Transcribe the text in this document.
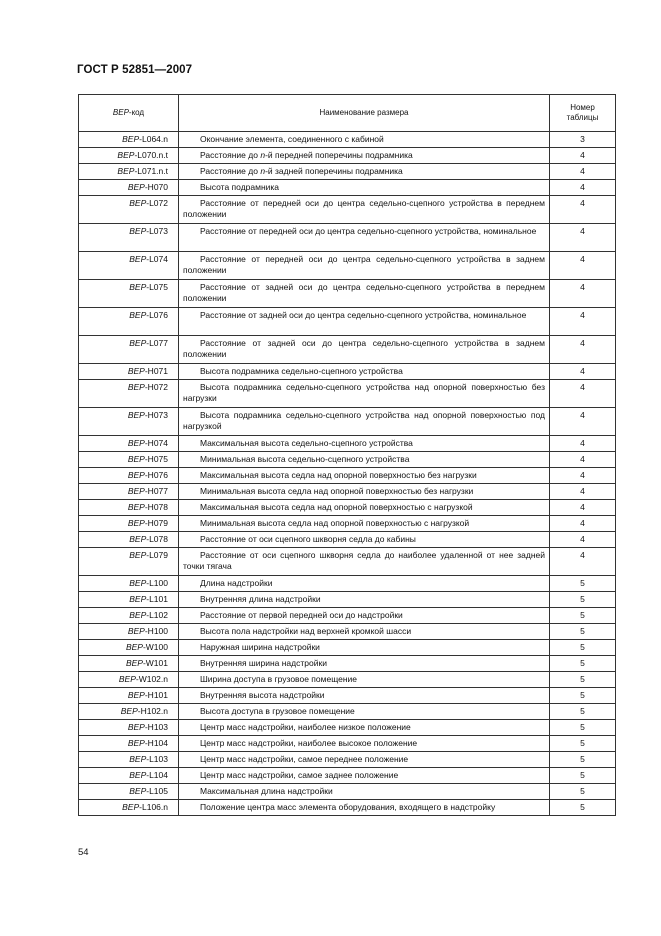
ГОСТ Р 52851—2007
ВЕР-код	Наименование размера	Номер
таблицы
ВЕР-L064.n	Окончание элемента, соединенного с кабиной	3
ВЕР-L070.n.t	Расстояние до n-й передней поперечины подрамника	4
ВЕР-L071.n.t	Расстояние до n-й задней поперечины подрамника	4
ВЕР-H070	Высота подрамника	4
ВЕР-L072	Расстояние от передней оси до центра седельно-сцепного устройства в переднем положении	4
ВЕР-L073	Расстояние от передней оси до центра седельно-сцепного устройства, номинальное	4
ВЕР-L074	Расстояние от передней оси до центра седельно-сцепного устройства в заднем положении	4
ВЕР-L075	Расстояние от задней оси до центра седельно-сцепного устройства в переднем положении	4
ВЕР-L076	Расстояние от задней оси до центра седельно-сцепного устройства, номинальное	4
ВЕР-L077	Расстояние от задней оси до центра седельно-сцепного устройства в заднем положении	4
ВЕР-H071	Высота подрамника седельно-сцепного устройства	4
ВЕР-H072	Высота подрамника седельно-сцепного устройства над опорной поверхностью без нагрузки	4
ВЕР-H073	Высота подрамника седельно-сцепного устройства над опорной поверхностью под нагрузкой	4
ВЕР-H074	Максимальная высота седельно-сцепного устройства	4
ВЕР-H075	Минимальная высота седельно-сцепного устройства	4
ВЕР-H076	Максимальная высота седла над опорной поверхностью без нагрузки	4
ВЕР-H077	Минимальная высота седла над опорной поверхностью без нагрузки	4
ВЕР-H078	Максимальная высота седла над опорной поверхностью с нагрузкой	4
ВЕР-H079	Минимальная высота седла над опорной поверхностью с нагрузкой	4
ВЕР-L078	Расстояние от оси сцепного шкворня седла до кабины	4
ВЕР-L079	Расстояние от оси сцепного шкворня седла до наиболее удаленной от нее задней точки тягача	4
ВЕР-L100	Длина надстройки	5
ВЕР-L101	Внутренняя длина надстройки	5
ВЕР-L102	Расстояние от первой передней оси до надстройки	5
ВЕР-H100	Высота пола надстройки над верхней кромкой шасси	5
ВЕР-W100	Наружная ширина надстройки	5
ВЕР-W101	Внутренняя ширина надстройки	5
ВЕР-W102.n	Ширина доступа в грузовое помещение	5
ВЕР-H101	Внутренняя высота надстройки	5
ВЕР-H102.n	Высота доступа в грузовое помещение	5
ВЕР-H103	Центр масс надстройки, наиболее низкое положение	5
ВЕР-H104	Центр масс надстройки, наиболее высокое положение	5
ВЕР-L103	Центр масс надстройки, самое переднее положение	5
ВЕР-L104	Центр масс надстройки, самое заднее положение	5
ВЕР-L105	Максимальная длина надстройки	5
ВЕР-L106.n	Положение центра масс элемента оборудования, входящего в надстройку	5
54
